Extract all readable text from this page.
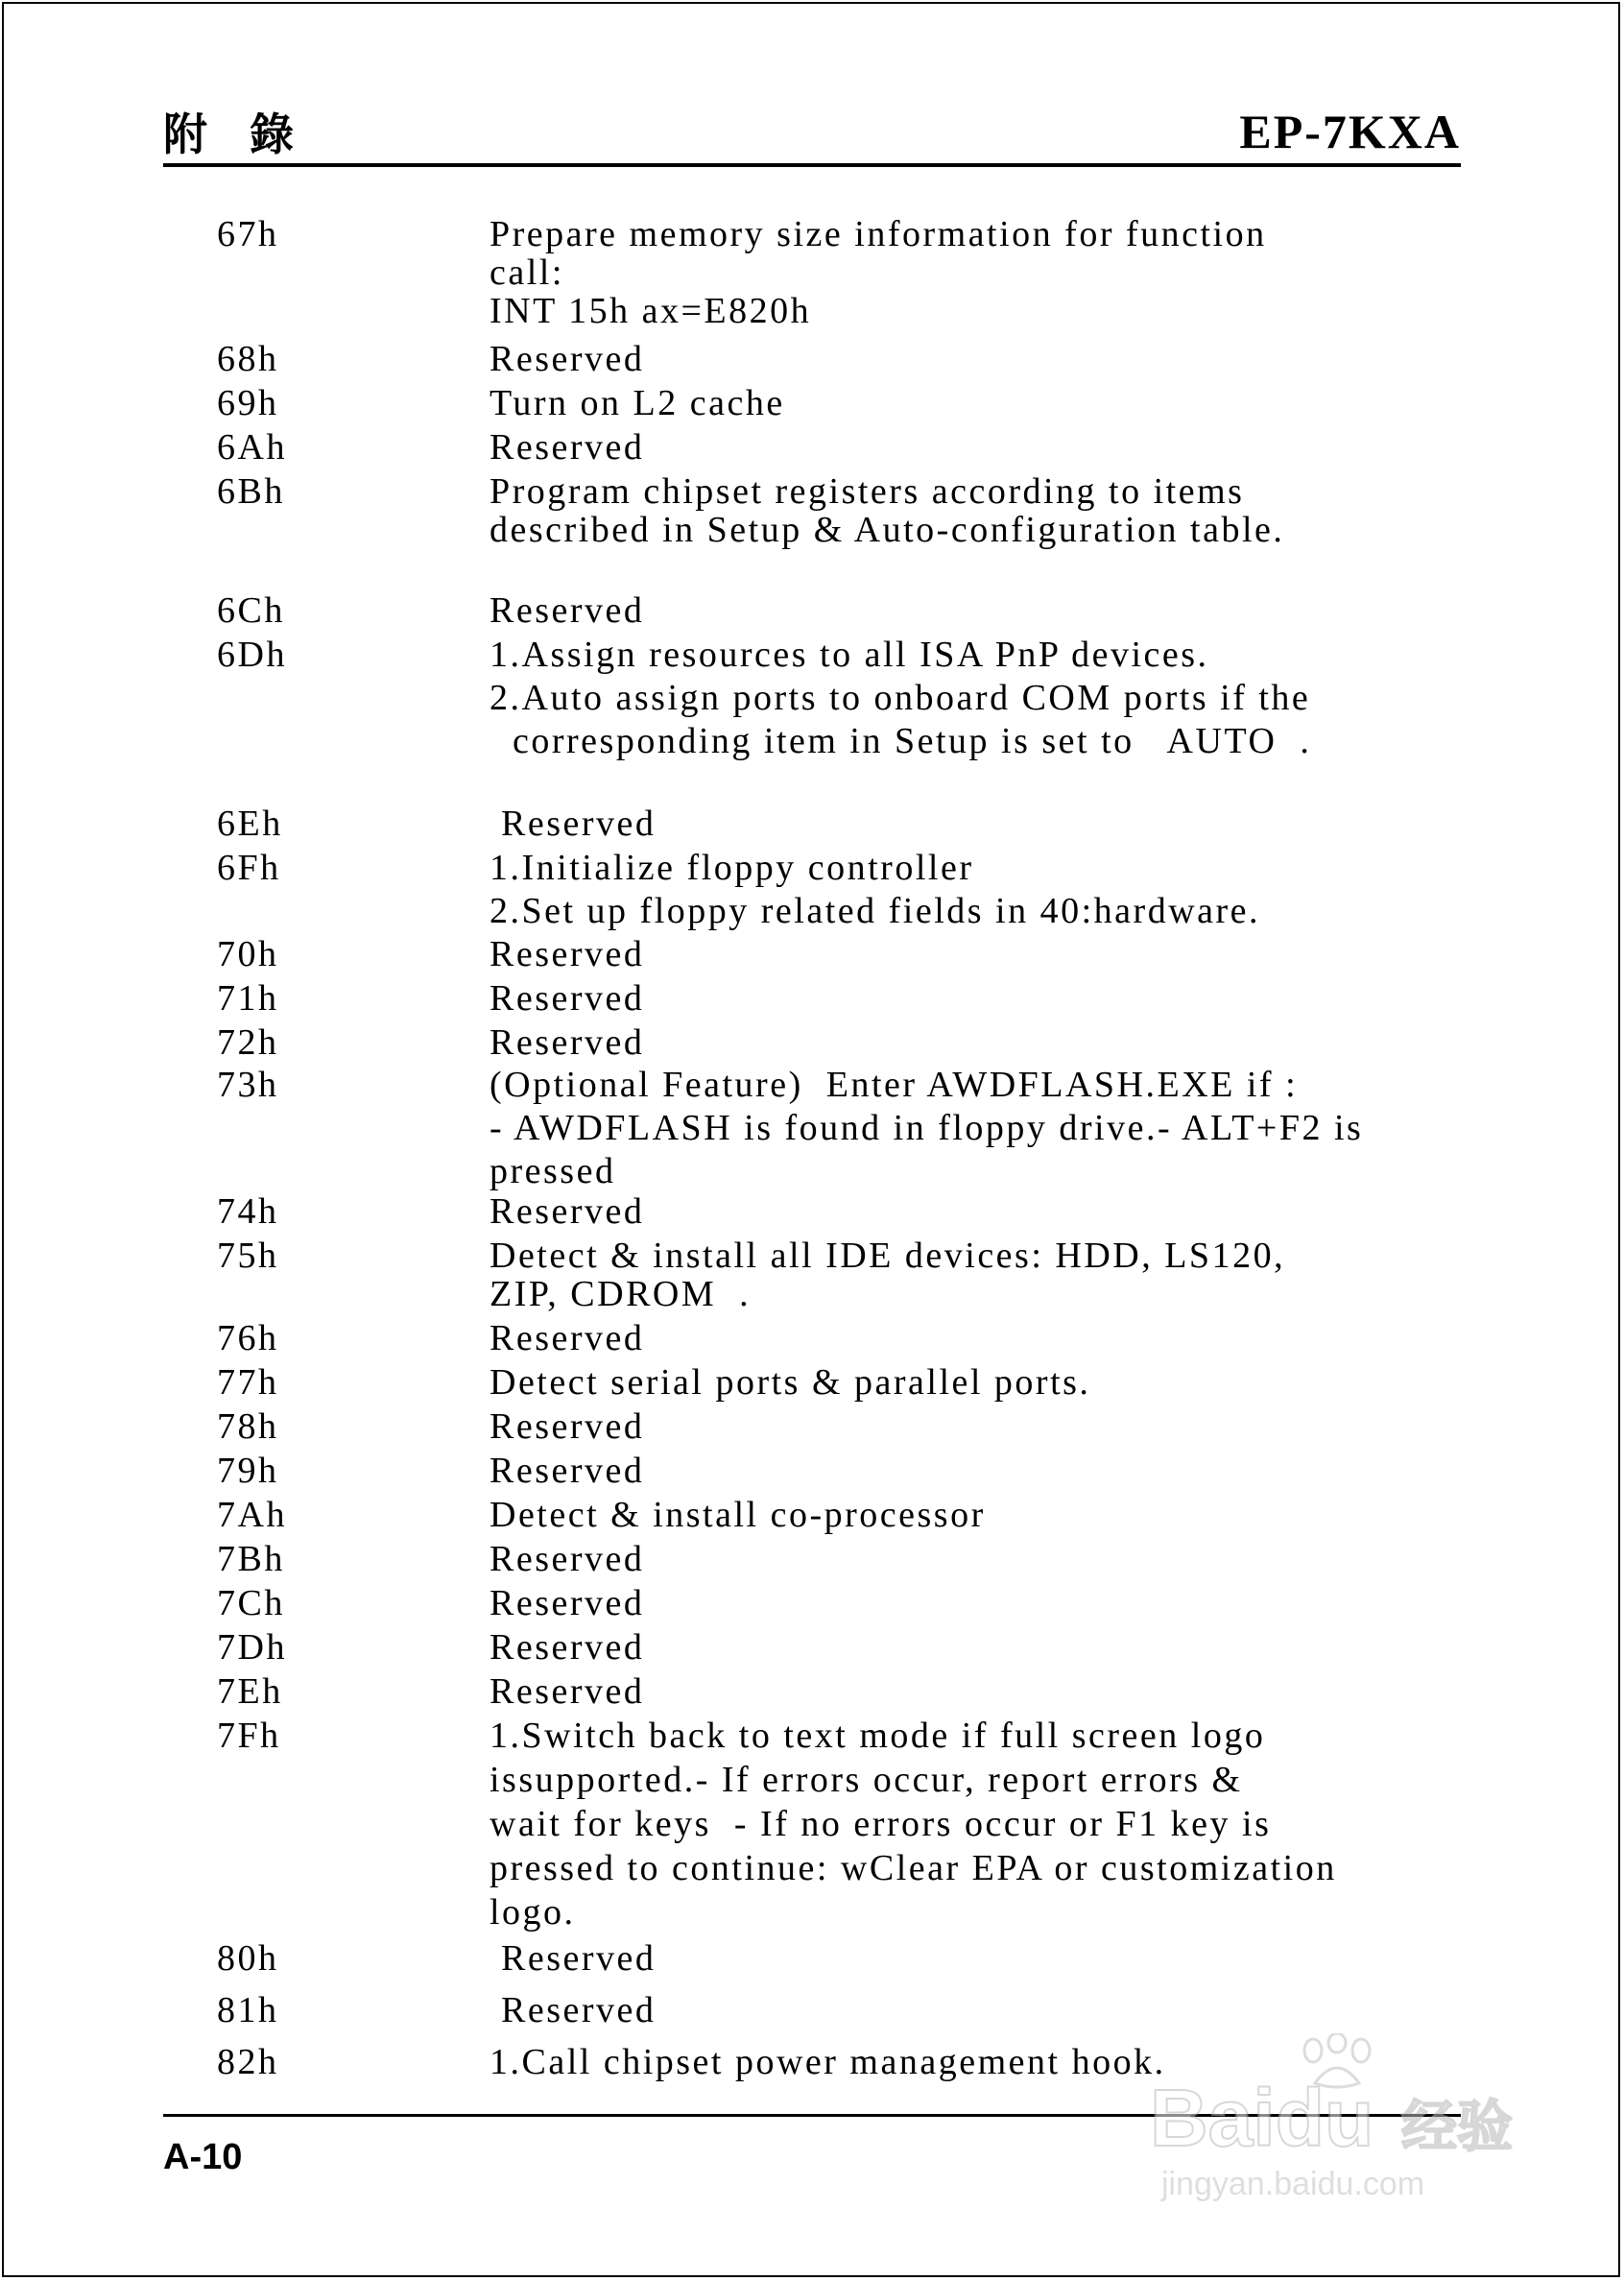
附 錄	EP-7KXA
67h	Prepare memory size information for function
call:
INT 15h ax=E820h
68h	Reserved
69h	Turn on L2 cache
6Ah	Reserved
6Bh	Program chipset registers according to items
described in Setup & Auto-configuration table.
6Ch	Reserved
6Dh	1.Assign resources to all ISA PnP devices.
2.Auto assign ports to onboard COM ports if the
corresponding item in Setup is set to   AUTO  .
6Eh	Reserved
6Fh	1.Initialize floppy controller
2.Set up floppy related fields in 40:hardware.
70h	Reserved
71h	Reserved
72h	Reserved
73h	(Optional Feature)  Enter AWDFLASH.EXE if :
- AWDFLASH is found in floppy drive.- ALT+F2 is
pressed
74h	Reserved
75h	Detect & install all IDE devices: HDD, LS120,
ZIP, CDROM  .
76h	Reserved
77h	Detect serial ports & parallel ports.
78h	Reserved
79h	Reserved
7Ah	Detect & install co-processor
7Bh	Reserved
7Ch	Reserved
7Dh	Reserved
7Eh	Reserved
7Fh	1.Switch back to text mode if full screen logo
issupported.- If errors occur, report errors &
wait for keys  - If no errors occur or F1 key is
pressed to continue: wClear EPA or customization
logo.
80h	Reserved
81h	Reserved
82h	1.Call chipset power management hook.
A-10	Baidu 经验
jingyan.baidu.com
